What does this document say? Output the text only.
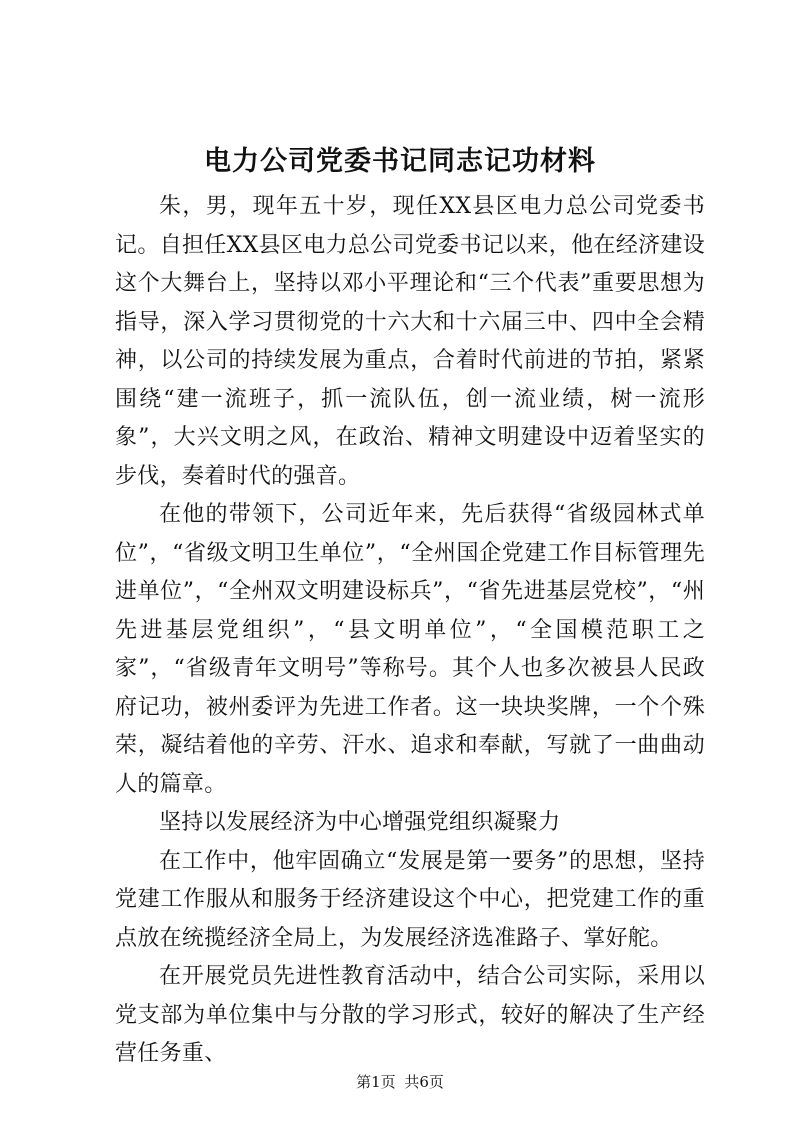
电力公司党委书记同志记功材料

朱，男，现年五十岁，现任XX县区电力总公司党委书记。自担任XX县区电力总公司党委书记以来，他在经济建设这个大舞台上，坚持以邓小平理论和“三个代表”重要思想为指导，深入学习贯彻党的十六大和十六届三中、四中全会精神，以公司的持续发展为重点，合着时代前进的节拍，紧紧围绕“建一流班子，抓一流队伍，创一流业绩，树一流形象”，大兴文明之风，在政治、精神文明建设中迈着坚实的步伐，奏着时代的强音。

在他的带领下，公司近年来，先后获得“省级园林式单位”，“省级文明卫生单位”，“全州国企党建工作目标管理先进单位”，“全州双文明建设标兵”，“省先进基层党校”，“州先进基层党组织”，“县文明单位”，“全国模范职工之家”，“省级青年文明号”等称号。其个人也多次被县人民政府记功，被州委评为先进工作者。这一块块奖牌，一个个殊荣，凝结着他的辛劳、汗水、追求和奉献，写就了一曲曲动人的篇章。

坚持以发展经济为中心增强党组织凝聚力

在工作中，他牢固确立“发展是第一要务”的思想，坚持党建工作服从和服务于经济建设这个中心，把党建工作的重点放在统揽经济全局上，为发展经济选准路子、掌好舵。

在开展党员先进性教育活动中，结合公司实际，采用以党支部为单位集中与分散的学习形式，较好的解决了生产经营任务重、

第1页 共6页
